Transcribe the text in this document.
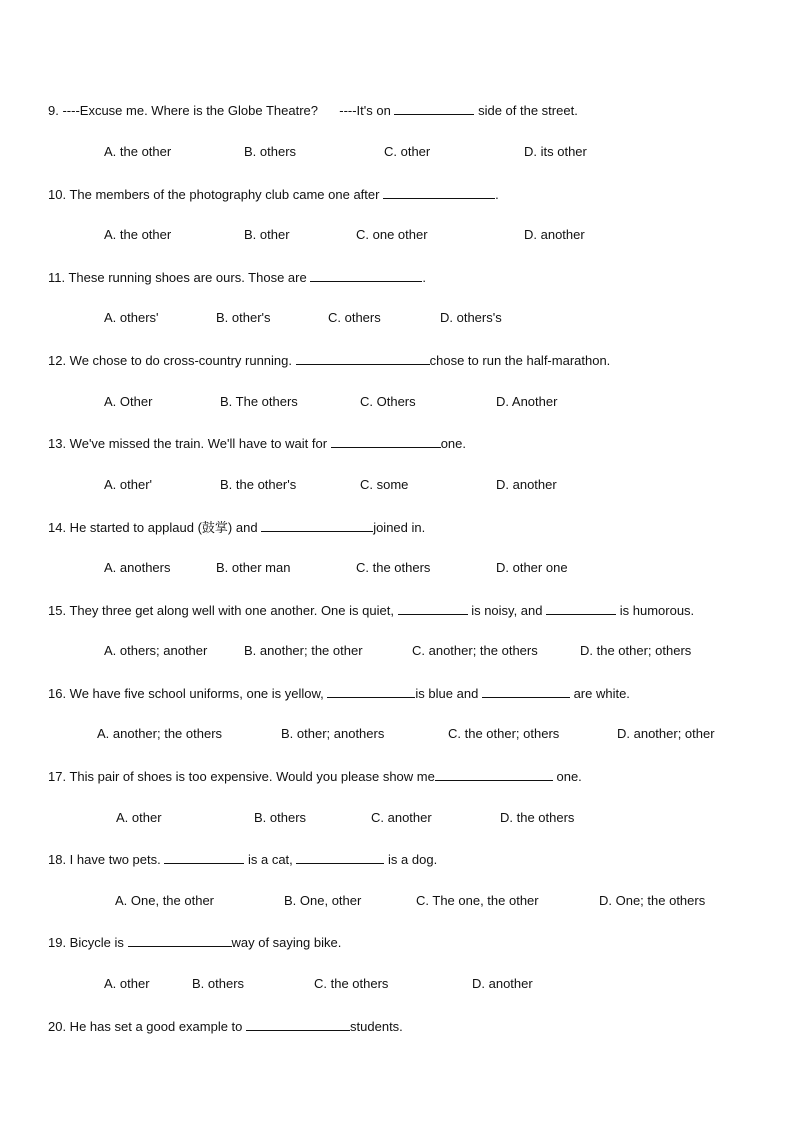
9. ----Excuse me. Where is the Globe Theatre? ----It's on	side of the street.
A. the other	B. others	C. other	D. its other
10. The members of the photography club came one after	.
A. the other	B. other	C. one other	D. another
11. These running shoes are ours. Those are	.
A. others'	B. other's	C. others	D. others's
12. We chose to do cross-country running.	chose to run the half-marathon.
A. Other	B. The others	C. Others	D. Another
13. We've missed the train. We'll have to wait for	one.
A. other'	B. the other's	C. some	D. another
14. He started to applaud (鼓掌) and	joined in.
A. anothers	B. other man	C. the others	D. other one
15. They three get along well with one another. One is quiet,	is noisy, and	is humorous.
A. others; another	B. another; the other	C. another; the others	D. the other; others
16. We have five school uniforms, one is yellow,	is blue and	are white.
A. another; the others	B. other; anothers	C. the other; others	D. another; other
17. This pair of shoes is too expensive. Would you please show me	one.
A. other	B. others	C. another	D. the others
18. I have two pets.	is a cat,	is a dog.
A. One, the other	B. One, other	C. The one, the other	D. One; the others
19. Bicycle is	way of saying bike.
A. other	B. others	C. the others	D. another
20. He has set a good example to	students.
